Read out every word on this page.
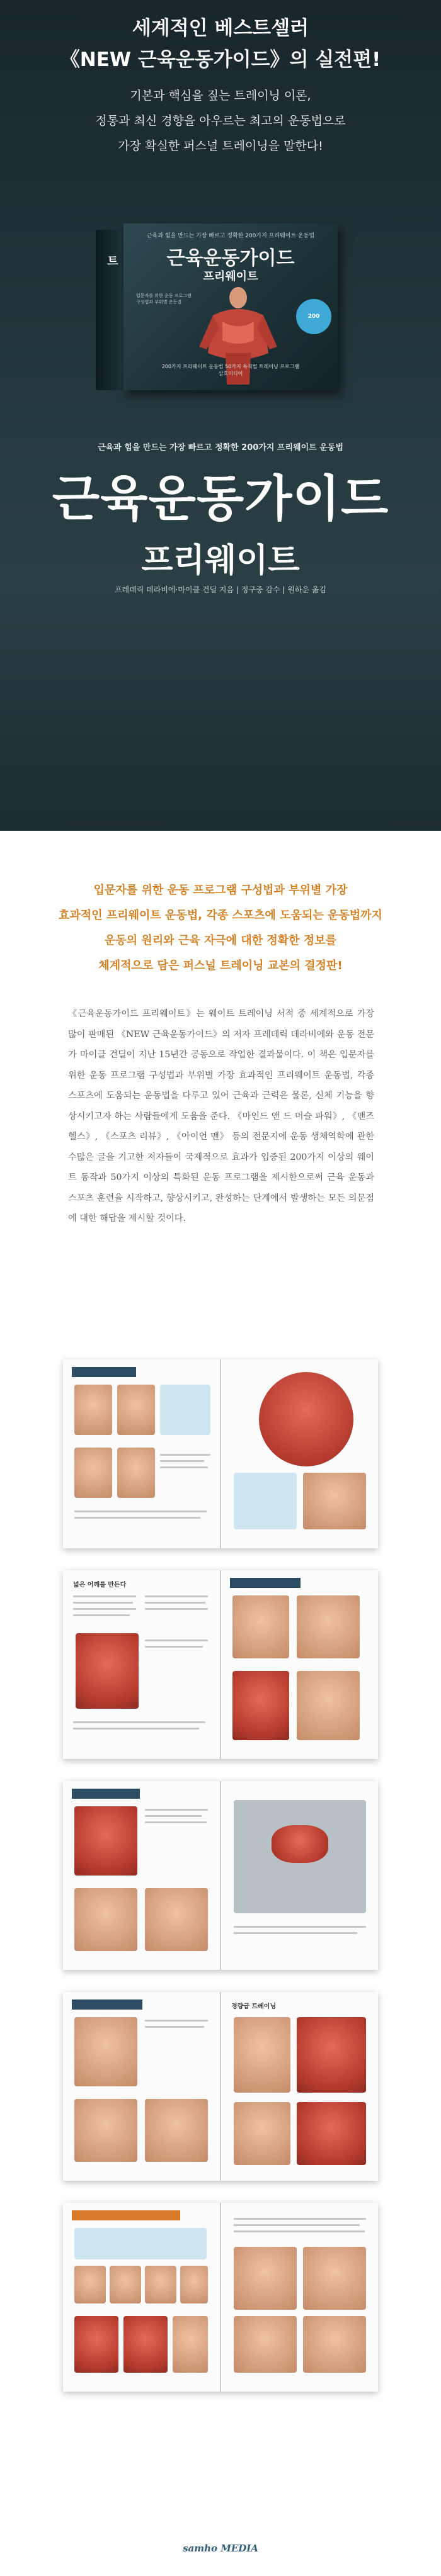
세계적인 베스트셀러
《NEW 근육운동가이드》의 실전편!
기본과 핵심을 짚는 트레이닝 이론,
정통과 최신 경향을 아우르는 최고의 운동법으로
가장 확실한 퍼스널 트레이닝을 말한다!
트
근육과 힘을 만드는 가장 빠르고 정확한 200가지 프리웨이트 운동법
근육운동가이드
프리웨이트
입문자를 위한 운동 프로그램 구성법과 부위별 운동법
200
200가지 프리웨이트 운동법 50가지 특직별 트레이닝 프로그램
삼호미디어
근육과 힘을 만드는 가장 빠르고 정확한 200가지 프리웨이트 운동법
근육운동가이드
프리웨이트
프레데릭 데라비에·마이클 건딜 지음 | 정구중 감수 | 원하운 옮김
입문자를 위한 운동 프로그램 구성법과 부위별 가장
효과적인 프리웨이트 운동법, 각종 스포츠에 도움되는 운동법까지
운동의 원리와 근육 자극에 대한 정확한 정보를
체계적으로 담은 퍼스널 트레이닝 교본의 결정판!
《근육운동가이드 프리웨이트》는 웨이트 트레이닝 서적 중 세계적으로 가장 많이 판매된 《NEW 근육운동가이드》의 저자 프레데릭 데라비에와 운동 전문가 마이클 건딜이 지난 15년간 공동으로 작업한 결과물이다. 이 책은 입문자를 위한 운동 프로그램 구성법과 부위별 가장 효과적인 프리웨이트 운동법, 각종 스포츠에 도움되는 운동법을 다루고 있어 근육과 근력은 물론, 신체 기능을 향상시키고자 하는 사람들에게 도움을 준다. 《마인드 앤 드 머슬 파워》, 《맨즈 헬스》, 《스포츠 리뷰》, 《아이언 맨》 등의 전문지에 운동 생체역학에 관한 수많은 글을 기고한 저자들이 국제적으로 효과가 입증된 200가지 이상의 웨이트 동작과 50가지 이상의 특화된 운동 프로그램을 제시한으로써 근육 운동과 스포츠 훈련을 시작하고, 향상시키고, 완성하는 단계에서 발생하는 모든 의문점에 대한 해답을 제시할 것이다.
넓은 어깨를 만든다
경량급 트레이닝
samho MEDIA
